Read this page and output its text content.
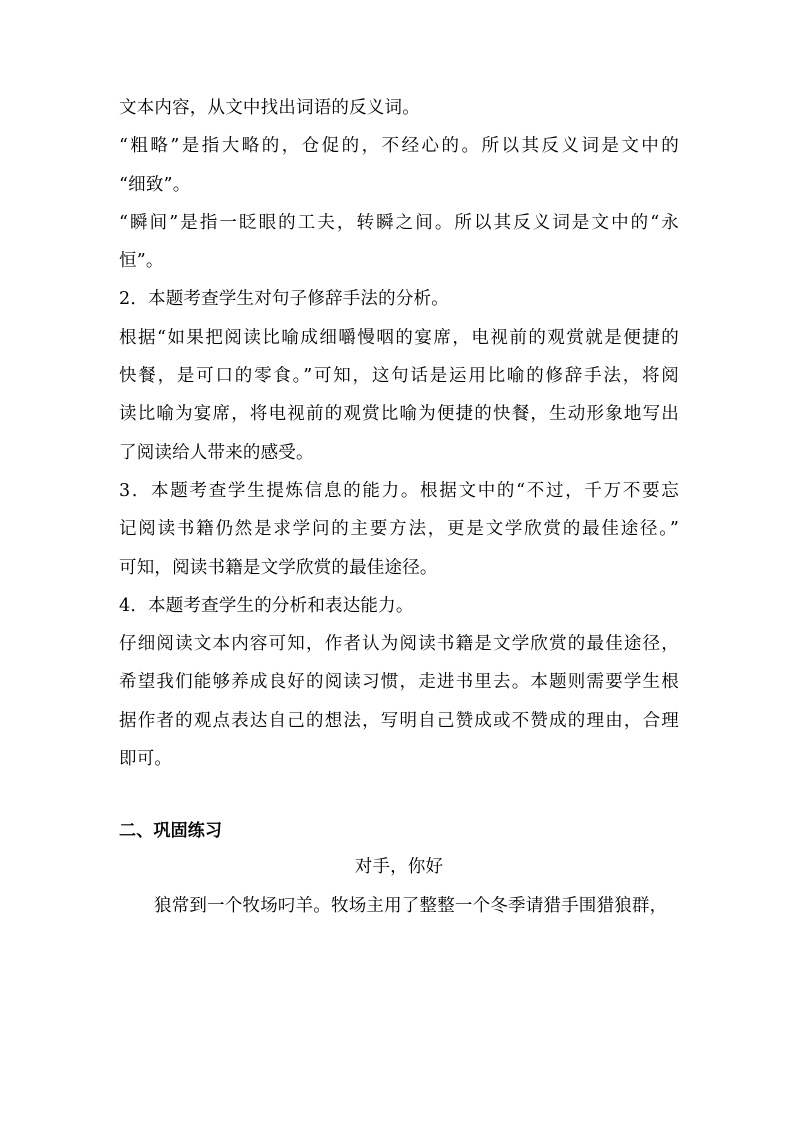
文本内容，从文中找出词语的反义词。

“粗略”是指大略的，仓促的，不经心的。所以其反义词是文中的

“细致”。

“瞬间”是指一眨眼的工夫，转瞬之间。所以其反义词是文中的“永

恒”。

2．本题考查学生对句子修辞手法的分析。

根据“如果把阅读比喻成细嚼慢咽的宴席，电视前的观赏就是便捷的

快餐，是可口的零食。”可知，这句话是运用比喻的修辞手法，将阅

读比喻为宴席，将电视前的观赏比喻为便捷的快餐，生动形象地写出

了阅读给人带来的感受。

3．本题考查学生提炼信息的能力。根据文中的“不过，千万不要忘

记阅读书籍仍然是求学问的主要方法，更是文学欣赏的最佳途径。”

可知，阅读书籍是文学欣赏的最佳途径。

4．本题考查学生的分析和表达能力。

仔细阅读文本内容可知，作者认为阅读书籍是文学欣赏的最佳途径，

希望我们能够养成良好的阅读习惯，走进书里去。本题则需要学生根

据作者的观点表达自己的想法，写明自己赞成或不赞成的理由，合理

即可。

二、巩固练习

对手，你好

狼常到一个牧场叼羊。牧场主用了整整一个冬季请猎手围猎狼群，
